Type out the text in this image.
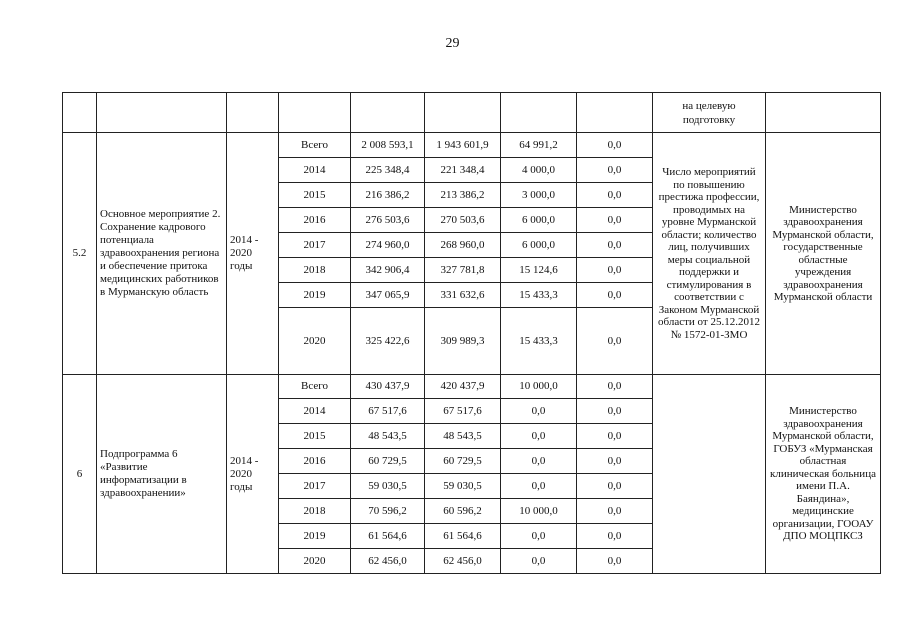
29
								на целевую подготовку	
5.2	Основное мероприятие 2. Сохранение кадрового потенциала здравоохранения региона и обеспечение притока медицинских работников в Мурманскую область	2014 - 2020 годы	Всего	2 008 593,1	1 943 601,9	64 991,2	0,0	Число мероприятий по повышению престижа профессии, проводимых на уровне Мурманской области; количество лиц, получивших меры социальной поддержки и стимулирования в соответствии с Законом Мурманской области от 25.12.2012 № 1572-01-ЗМО	Министерство здравоохранения Мурманской области, государственные областные учреждения здравоохранения Мурманской области
			2014	225 348,4	221 348,4	4 000,0	0,0		
			2015	216 386,2	213 386,2	3 000,0	0,0		
			2016	276 503,6	270 503,6	6 000,0	0,0		
			2017	274 960,0	268 960,0	6 000,0	0,0		
			2018	342 906,4	327 781,8	15 124,6	0,0		
			2019	347 065,9	331 632,6	15 433,3	0,0		
			2020	325 422,6	309 989,3	15 433,3	0,0		
6	Подпрограмма 6 «Развитие информатизации в здравоохранении»	2014 - 2020 годы	Всего	430 437,9	420 437,9	10 000,0	0,0		Министерство здравоохранения Мурманской области, ГОБУЗ «Мурманская областная клиническая больница имени П.А. Баяндина», медицинские организации, ГООАУ ДПО МОЦПКСЗ
			2014	67 517,6	67 517,6	0,0	0,0		
			2015	48 543,5	48 543,5	0,0	0,0		
			2016	60 729,5	60 729,5	0,0	0,0		
			2017	59 030,5	59 030,5	0,0	0,0		
			2018	70 596,2	60 596,2	10 000,0	0,0		
			2019	61 564,6	61 564,6	0,0	0,0		
			2020	62 456,0	62 456,0	0,0	0,0		
